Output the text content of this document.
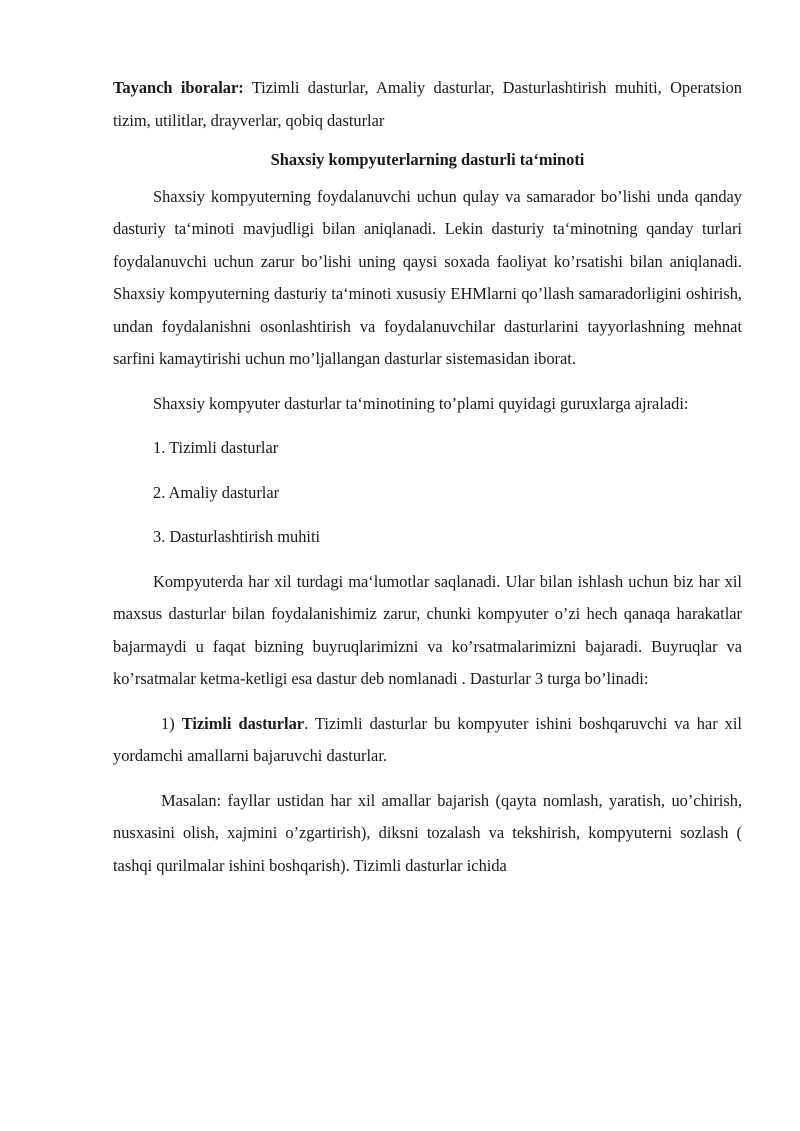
Tayanch iboralar: Tizimli dasturlar, Amaliy dasturlar, Dasturlashtirish muhiti, Operatsion tizim, utilitlar, drayverlar, qobiq dasturlar

Shaxsiy kompyuterlarning dasturli taʻminoti

Shaxsiy kompyuterning foydalanuvchi uchun qulay va samarador bo’lishi unda qanday dasturiy taʻminoti mavjudligi bilan aniqlanadi. Lekin dasturiy taʻminotning qanday turlari foydalanuvchi uchun zarur bo’lishi uning qaysi soxada faoliyat ko’rsatishi bilan aniqlanadi. Shaxsiy kompyuterning dasturiy taʻminoti xususiy EHMlarni qo’llash samaradorligini oshirish, undan foydalanishni osonlashtirish va foydalanuvchilar dasturlarini tayyorlashning mehnat sarfini kamaytirishi uchun mo’ljallangan dasturlar sistemasidan iborat.

Shaxsiy kompyuter dasturlar taʻminotining to’plami quyidagi guruxlarga ajraladi:

1. Tizimli dasturlar

2. Amaliy dasturlar

3. Dasturlashtirish muhiti

Kompyuterda har xil turdagi maʻlumotlar saqlanadi. Ular bilan ishlash uchun biz har xil maxsus dasturlar bilan foydalanishimiz zarur, chunki kompyuter o’zi hech qanaqa harakatlar bajarmaydi u faqat bizning buyruqlarimizni va ko’rsatmalarimizni bajaradi. Buyruqlar va ko’rsatmalar ketma-ketligi esa dastur deb nomlanadi . Dasturlar 3 turga bo’linadi:

1) Tizimli dasturlar. Tizimli dasturlar bu kompyuter ishini boshqaruvchi va har xil yordamchi amallarni bajaruvchi dasturlar.

Masalan: fayllar ustidan har xil amallar bajarish (qayta nomlash, yaratish, uo’chirish, nusxasini olish, xajmini o’zgartirish), diksni tozalash va tekshirish, kompyuterni sozlash ( tashqi qurilmalar ishini boshqarish). Tizimli dasturlar ichida
